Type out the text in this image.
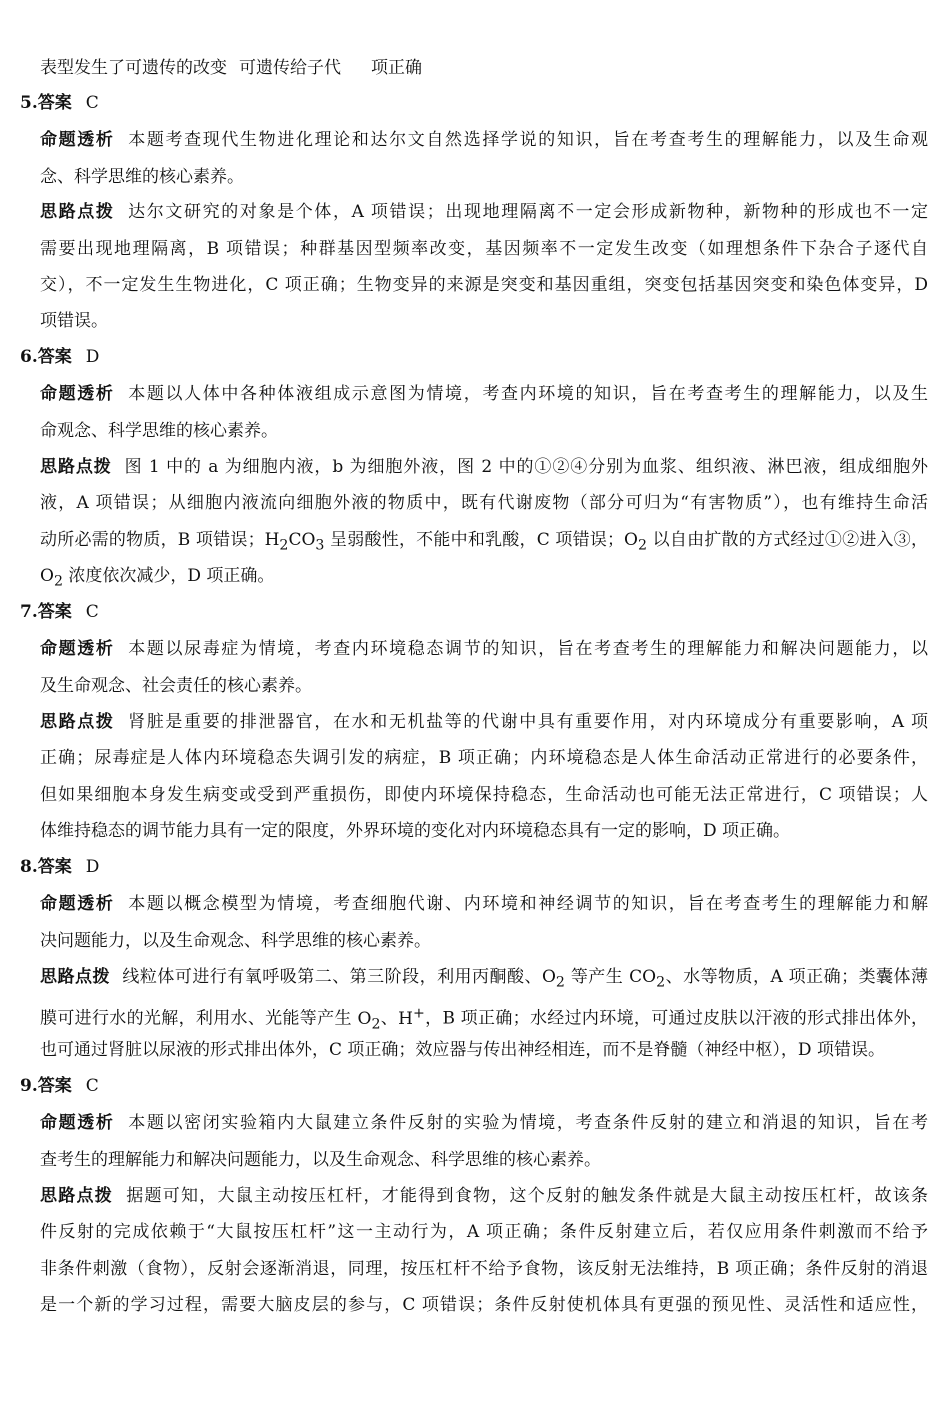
表型发生了可遗传的改变 可遗传给子代 项正确
5.答案 C
命题透析 本题考查现代生物进化理论和达尔文自然选择学说的知识，旨在考查考生的理解能力，以及生命观
念、科学思维的核心素养。
思路点拨 达尔文研究的对象是个体，A 项错误；出现地理隔离不一定会形成新物种，新物种的形成也不一定
需要出现地理隔离，B 项错误；种群基因型频率改变，基因频率不一定发生改变（如理想条件下杂合子逐代自
交），不一定发生生物进化，C 项正确；生物变异的来源是突变和基因重组，突变包括基因突变和染色体变异，D
项错误。
6.答案 D
命题透析 本题以人体中各种体液组成示意图为情境，考查内环境的知识，旨在考查考生的理解能力，以及生
命观念、科学思维的核心素养。
思路点拨 图 1 中的 a 为细胞内液，b 为细胞外液，图 2 中的①②④分别为血浆、组织液、淋巴液，组成细胞外
液，A 项错误；从细胞内液流向细胞外液的物质中，既有代谢废物（部分可归为“有害物质”），也有维持生命活
动所必需的物质，B 项错误；$H_2CO_3$ 呈弱酸性，不能中和乳酸，C 项错误；$O_2$ 以自由扩散的方式经过①②进入③，
$O_2$ 浓度依次减少，D 项正确。
7.答案 C
命题透析 本题以尿毒症为情境，考查内环境稳态调节的知识，旨在考查考生的理解能力和解决问题能力，以
及生命观念、社会责任的核心素养。
思路点拨 肾脏是重要的排泄器官，在水和无机盐等的代谢中具有重要作用，对内环境成分有重要影响，A 项
正确；尿毒症是人体内环境稳态失调引发的病症，B 项正确；内环境稳态是人体生命活动正常进行的必要条件，
但如果细胞本身发生病变或受到严重损伤，即使内环境保持稳态，生命活动也可能无法正常进行，C 项错误；人
体维持稳态的调节能力具有一定的限度，外界环境的变化对内环境稳态具有一定的影响，D 项正确。
8.答案 D
命题透析 本题以概念模型为情境，考查细胞代谢、内环境和神经调节的知识，旨在考查考生的理解能力和解
决问题能力，以及生命观念、科学思维的核心素养。
思路点拨 线粒体可进行有氧呼吸第二、第三阶段，利用丙酮酸、$O_2$ 等产生 $CO_2$、水等物质，A 项正确；类囊体薄
膜可进行水的光解，利用水、光能等产生 $O_2$、H+，B 项正确；水经过内环境，可通过皮肤以汗液的形式排出体外，
也可通过肾脏以尿液的形式排出体外，C 项正确；效应器与传出神经相连，而不是脊髓（神经中枢），D 项错误。
9.答案 C
命题透析 本题以密闭实验箱内大鼠建立条件反射的实验为情境，考查条件反射的建立和消退的知识，旨在考
查考生的理解能力和解决问题能力，以及生命观念、科学思维的核心素养。
思路点拨 据题可知，大鼠主动按压杠杆，才能得到食物，这个反射的触发条件就是大鼠主动按压杠杆，故该条
件反射的完成依赖于“大鼠按压杠杆”这一主动行为，A 项正确；条件反射建立后，若仅应用条件刺激而不给予
非条件刺激（食物），反射会逐渐消退，同理，按压杠杆不给予食物，该反射无法维持，B 项正确；条件反射的消退
是一个新的学习过程，需要大脑皮层的参与，C 项错误；条件反射使机体具有更强的预见性、灵活性和适应性，
